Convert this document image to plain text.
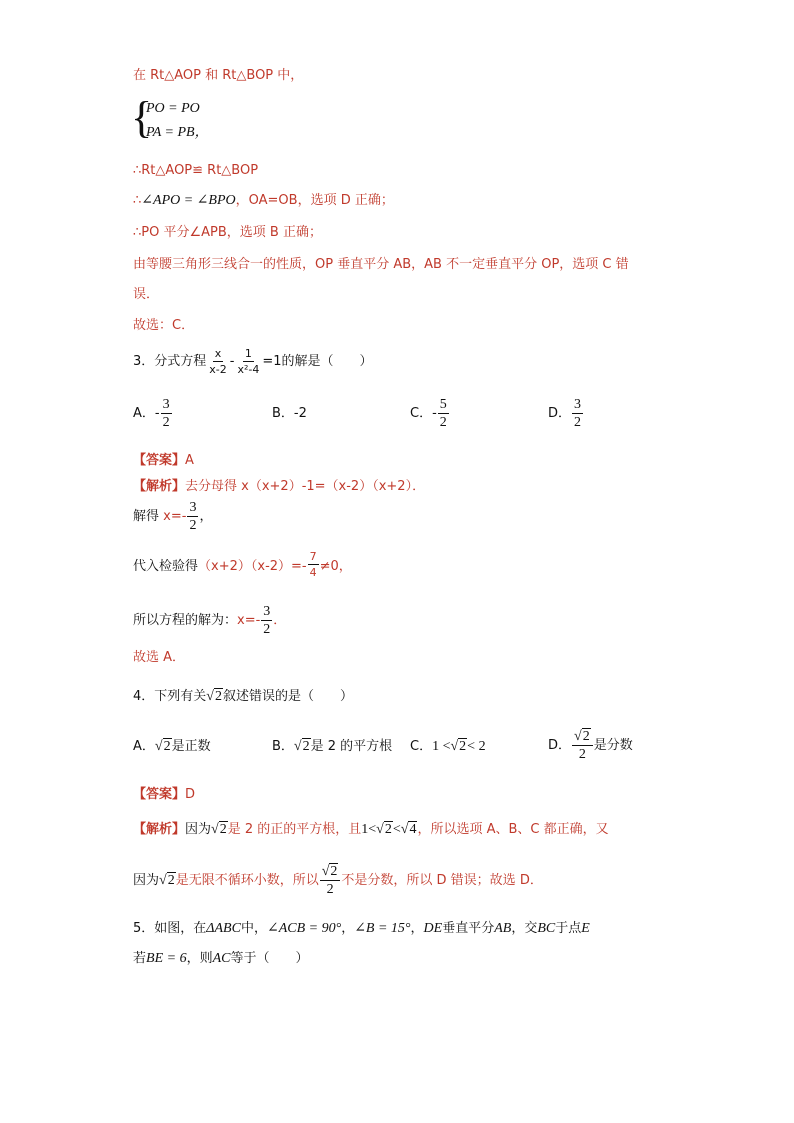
在 Rt△AOP 和 Rt△BOP 中，
{
PO = PO
PA = PB，
∴Rt△AOP≌ Rt△BOP
∴∠APO = ∠BPO，OA=OB，选项 D 正确；
∴PO 平分∠APB，选项 B 正确；
由等腰三角形三线合一的性质，OP 垂直平分 AB，AB 不一定垂直平分 OP，选项 C 错
误．
故选：C．
3．分式方程 $\frac{x}{x-2} - \frac{1}{\text{x²-4}} =1$的解是（　　）
A．- $\frac{3}{2}$	B．-2	C．- $\frac{5}{2}$	D． $\frac{3}{2}$
【答案】A
【解析】去分母得 x（x+2）-1=（x-2）（x+2）．
解得 $x=- \frac{3}{2}$ ，
代入检验得$(x+2)(x-2)=- \frac{7}{4} \ne 0$，
所以方程的解为：$x=- \frac{3}{2}$ ．
故选 A．
4．下列有关√2叙述错误的是（　　）
A．√2是正数	B．√2是 2 的平方根 C．1 <√2< 2	D． $\frac{√2}{2}$ 是分数
【答案】D
【解析】因为√2是 2 的正的平方根，且1<√2<√4，所以选项 A、B、C 都正确，又
因为√2是无限不循环小数，所以 $\frac{√2}{2}$ 不是分数，所以 D 错误；故选 D．
5．如图，在ΔABC中，∠ACB = 90°，∠B = 15°，DE垂直平分AB，交BC于点E
若BE = 6，则AC等于（　　）
